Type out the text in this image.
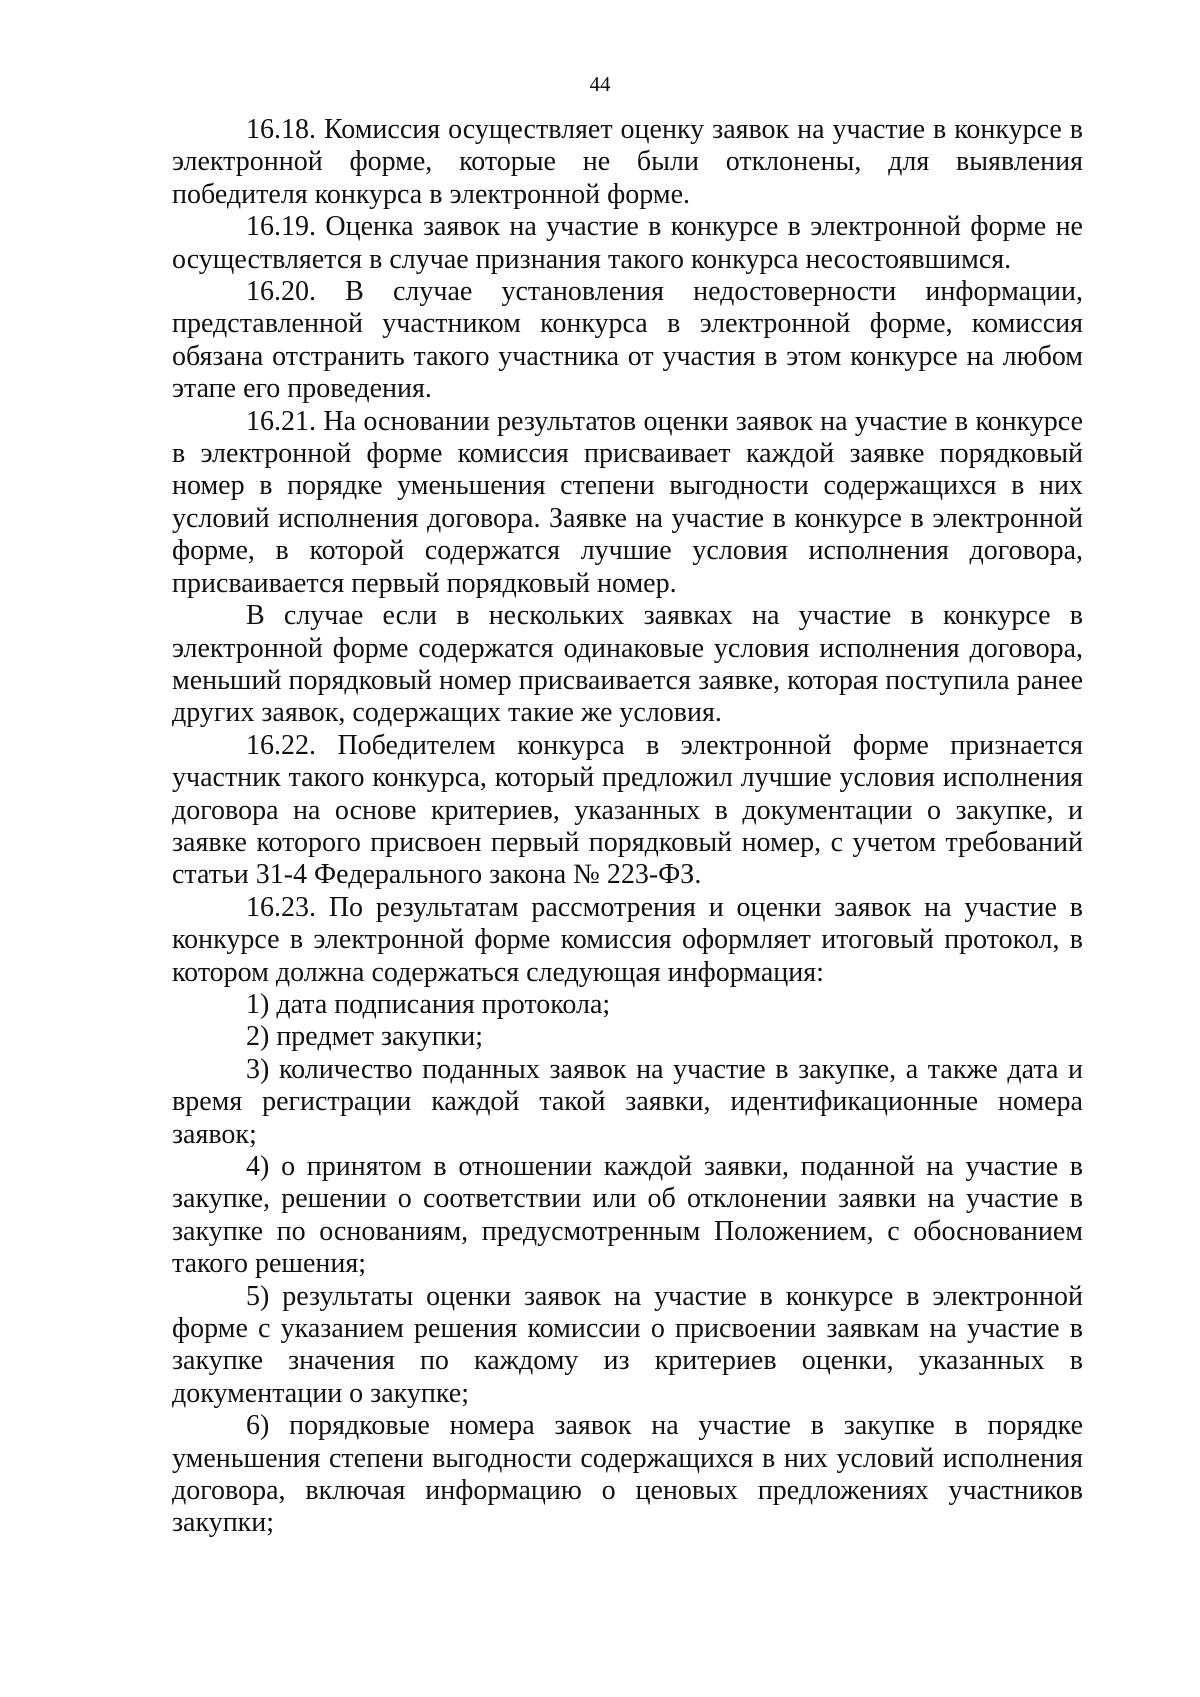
44

16.18. Комиссия осуществляет оценку заявок на участие в конкурсе в электронной форме, которые не были отклонены, для выявления победителя конкурса в электронной форме.

16.19. Оценка заявок на участие в конкурсе в электронной форме не осуществляется в случае признания такого конкурса несостоявшимся.

16.20. В случае установления недостоверности информации, представленной участником конкурса в электронной форме, комиссия обязана отстранить такого участника от участия в этом конкурсе на любом этапе его проведения.

16.21. На основании результатов оценки заявок на участие в конкурсе в электронной форме комиссия присваивает каждой заявке порядковый номер в порядке уменьшения степени выгодности содержащихся в них условий исполнения договора. Заявке на участие в конкурсе в электронной форме, в которой содержатся лучшие условия исполнения договора, присваивается первый порядковый номер.

В случае если в нескольких заявках на участие в конкурсе в электронной форме содержатся одинаковые условия исполнения договора, меньший порядковый номер присваивается заявке, которая поступила ранее других заявок, содержащих такие же условия.

16.22. Победителем конкурса в электронной форме признается участник такого конкурса, который предложил лучшие условия исполнения договора на основе критериев, указанных в документации о закупке, и заявке которого присвоен первый порядковый номер, с учетом требований статьи 31-4 Федерального закона № 223-ФЗ.

16.23. По результатам рассмотрения и оценки заявок на участие в конкурсе в электронной форме комиссия оформляет итоговый протокол, в котором должна содержаться следующая информация:

1) дата подписания протокола;

2) предмет закупки;

3) количество поданных заявок на участие в закупке, а также дата и время регистрации каждой такой заявки, идентификационные номера заявок;

4) о принятом в отношении каждой заявки, поданной на участие в закупке, решении о соответствии или об отклонении заявки на участие в закупке по основаниям, предусмотренным Положением, с обоснованием такого решения;

5) результаты оценки заявок на участие в конкурсе в электронной форме с указанием решения комиссии о присвоении заявкам на участие в закупке значения по каждому из критериев оценки, указанных в документации о закупке;

6) порядковые номера заявок на участие в закупке в порядке уменьшения степени выгодности содержащихся в них условий исполнения договора, включая информацию о ценовых предложениях участников закупки;
